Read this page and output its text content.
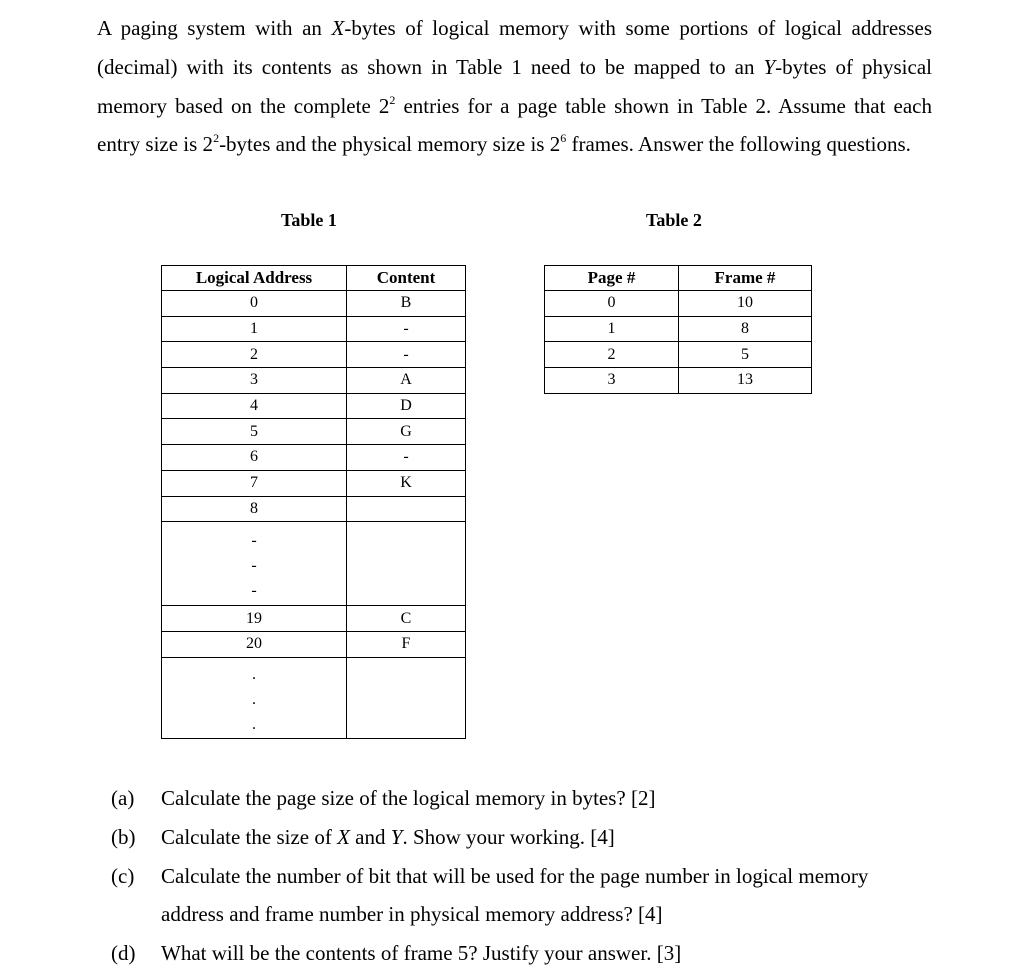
A paging system with an X-bytes of logical memory with some portions of logical addresses (decimal) with its contents as shown in Table 1 need to be mapped to an Y-bytes of physical memory based on the complete $2^2$ entries for a page table shown in Table 2. Assume that each entry size is $2^2$-bytes and the physical memory size is $2^6$ frames. Answer the following questions.

Table 1	Table 2
Logical Address	Content
0	B
1	-
2	-
3	A
4	D
5	G
6	-
7	K
8	

-
-
-	

19	C
20	F

.
.
.	

Page #	Frame #
0	10
1	8
2	5
3	13
(a) Calculate the page size of the logical memory in bytes? [2]
(b) Calculate the size of X and Y. Show your working. [4]
(c) Calculate the number of bit that will be used for the page number in logical memory address and frame number in physical memory address? [4]
(d) What will be the contents of frame 5? Justify your answer. [3]
